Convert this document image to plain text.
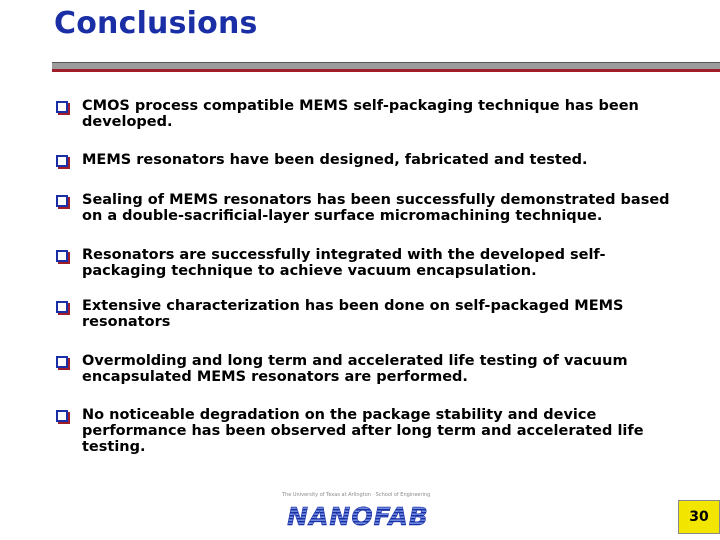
Conclusions
CMOS process compatible MEMS self-packaging technique has been developed.
MEMS resonators have been designed, fabricated and tested.
Sealing of MEMS resonators has been successfully demonstrated based on a double-sacrificial-layer surface micromachining technique.
Resonators are successfully integrated with the developed self-packaging technique to achieve vacuum encapsulation.
Extensive characterization has been done on self-packaged MEMS resonators
Overmolding and long term and accelerated life testing of vacuum encapsulated MEMS resonators are performed.
No noticeable degradation on the package stability and device performance has been observed after long term and accelerated life testing.
The University of Texas at Arlington · School of Engineering
NANOFAB	30
